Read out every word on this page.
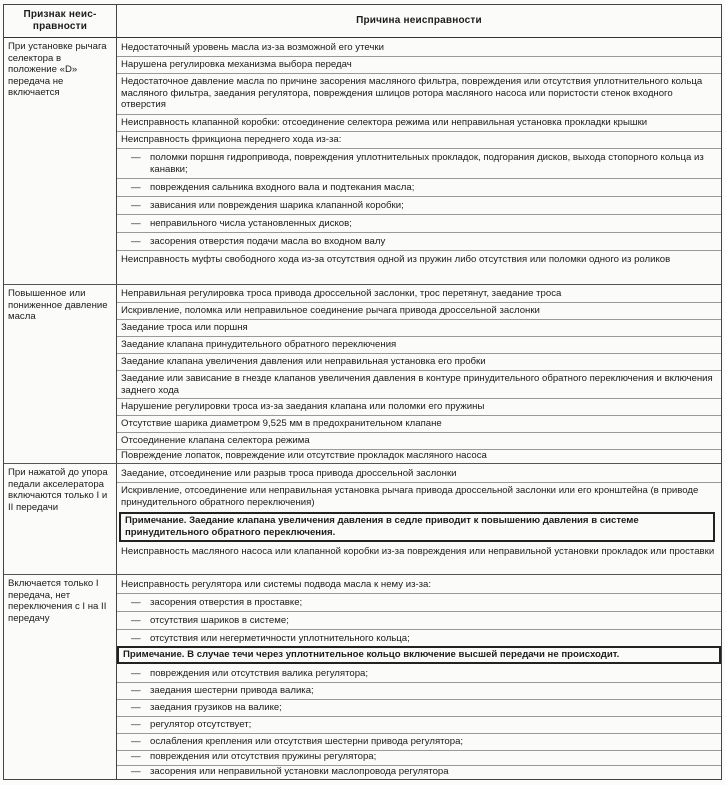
Признак неис-
правности
Причина неисправности
При установке рычага селектора в положение «D» передача не включается
Недостаточный уровень масла из-за возможной его утечки
Нарушена регулировка механизма выбора передач
Недостаточное давление масла по причине засорения масляного фильтра, повреждения или отсутствия уплотнительного кольца масляного фильтра, заедания регулятора, повреждения шлицов ротора масляного насоса или пористости стенок входного отверстия
Неисправность клапанной коробки: отсоединение селектора режима или неправильная установка прокладки крышки
Неисправность фрикциона переднего хода из-за:
— поломки поршня гидропривода, повреждения уплотнительных прокладок, подгорания дисков, выхода стопорного кольца из канавки;
— повреждения сальника входного вала и подтекания масла;
— зависания или повреждения шарика клапанной коробки;
— неправильного числа установленных дисков;
— засорения отверстия подачи масла во входном валу
Неисправность муфты свободного хода из-за отсутствия одной из пружин либо отсутствия или поломки одного из роликов
Повышенное или пониженное давление масла
Неправильная регулировка троса привода дроссельной заслонки, трос перетянут, заедание троса
Искривление, поломка или неправильное соединение рычага привода дроссельной заслонки
Заедание троса или поршня
Заедание клапана принудительного обратного переключения
Заедание клапана увеличения давления или неправильная установка его пробки
Заедание или зависание в гнезде клапанов увеличения давления в контуре принудительного обратного переключения и включения заднего хода
Нарушение регулировки троса из-за заедания клапана или поломки его пружины
Отсутствие шарика диаметром 9,525 мм в предохранительном клапане
Отсоединение клапана селектора режима
Повреждение лопаток, повреждение или отсутствие прокладок масляного насоса
При нажатой до упора педали акселератора включаются только I и II передачи
Заедание, отсоединение или разрыв троса привода дроссельной заслонки
Искривление, отсоединение или неправильная установка рычага привода дроссельной заслонки или его кронштейна (в приводе принудительного обратного переключения)
Примечание. Заедание клапана увеличения давления в седле приводит к повышению давления в системе принудительного обратного переключения.
Неисправность масляного насоса или клапанной коробки из-за повреждения или неправильной установки прокладок или проставки
Включается только I передача, нет переключения с I на II передачу
Неисправность регулятора или системы подвода масла к нему из-за:
— засорения отверстия в проставке;
— отсутствия шариков в системе;
— отсутствия или негерметичности уплотнительного кольца;
Примечание. В случае течи через уплотнительное кольцо включение высшей передачи не происходит.
— повреждения или отсутствия валика регулятора;
— заедания шестерни привода валика;
— заедания грузиков на валике;
— регулятор отсутствует;
— ослабления крепления или отсутствия шестерни привода регулятора;
— повреждения или отсутствия пружины регулятора;
— засорения или неправильной установки маслопровода регулятора
